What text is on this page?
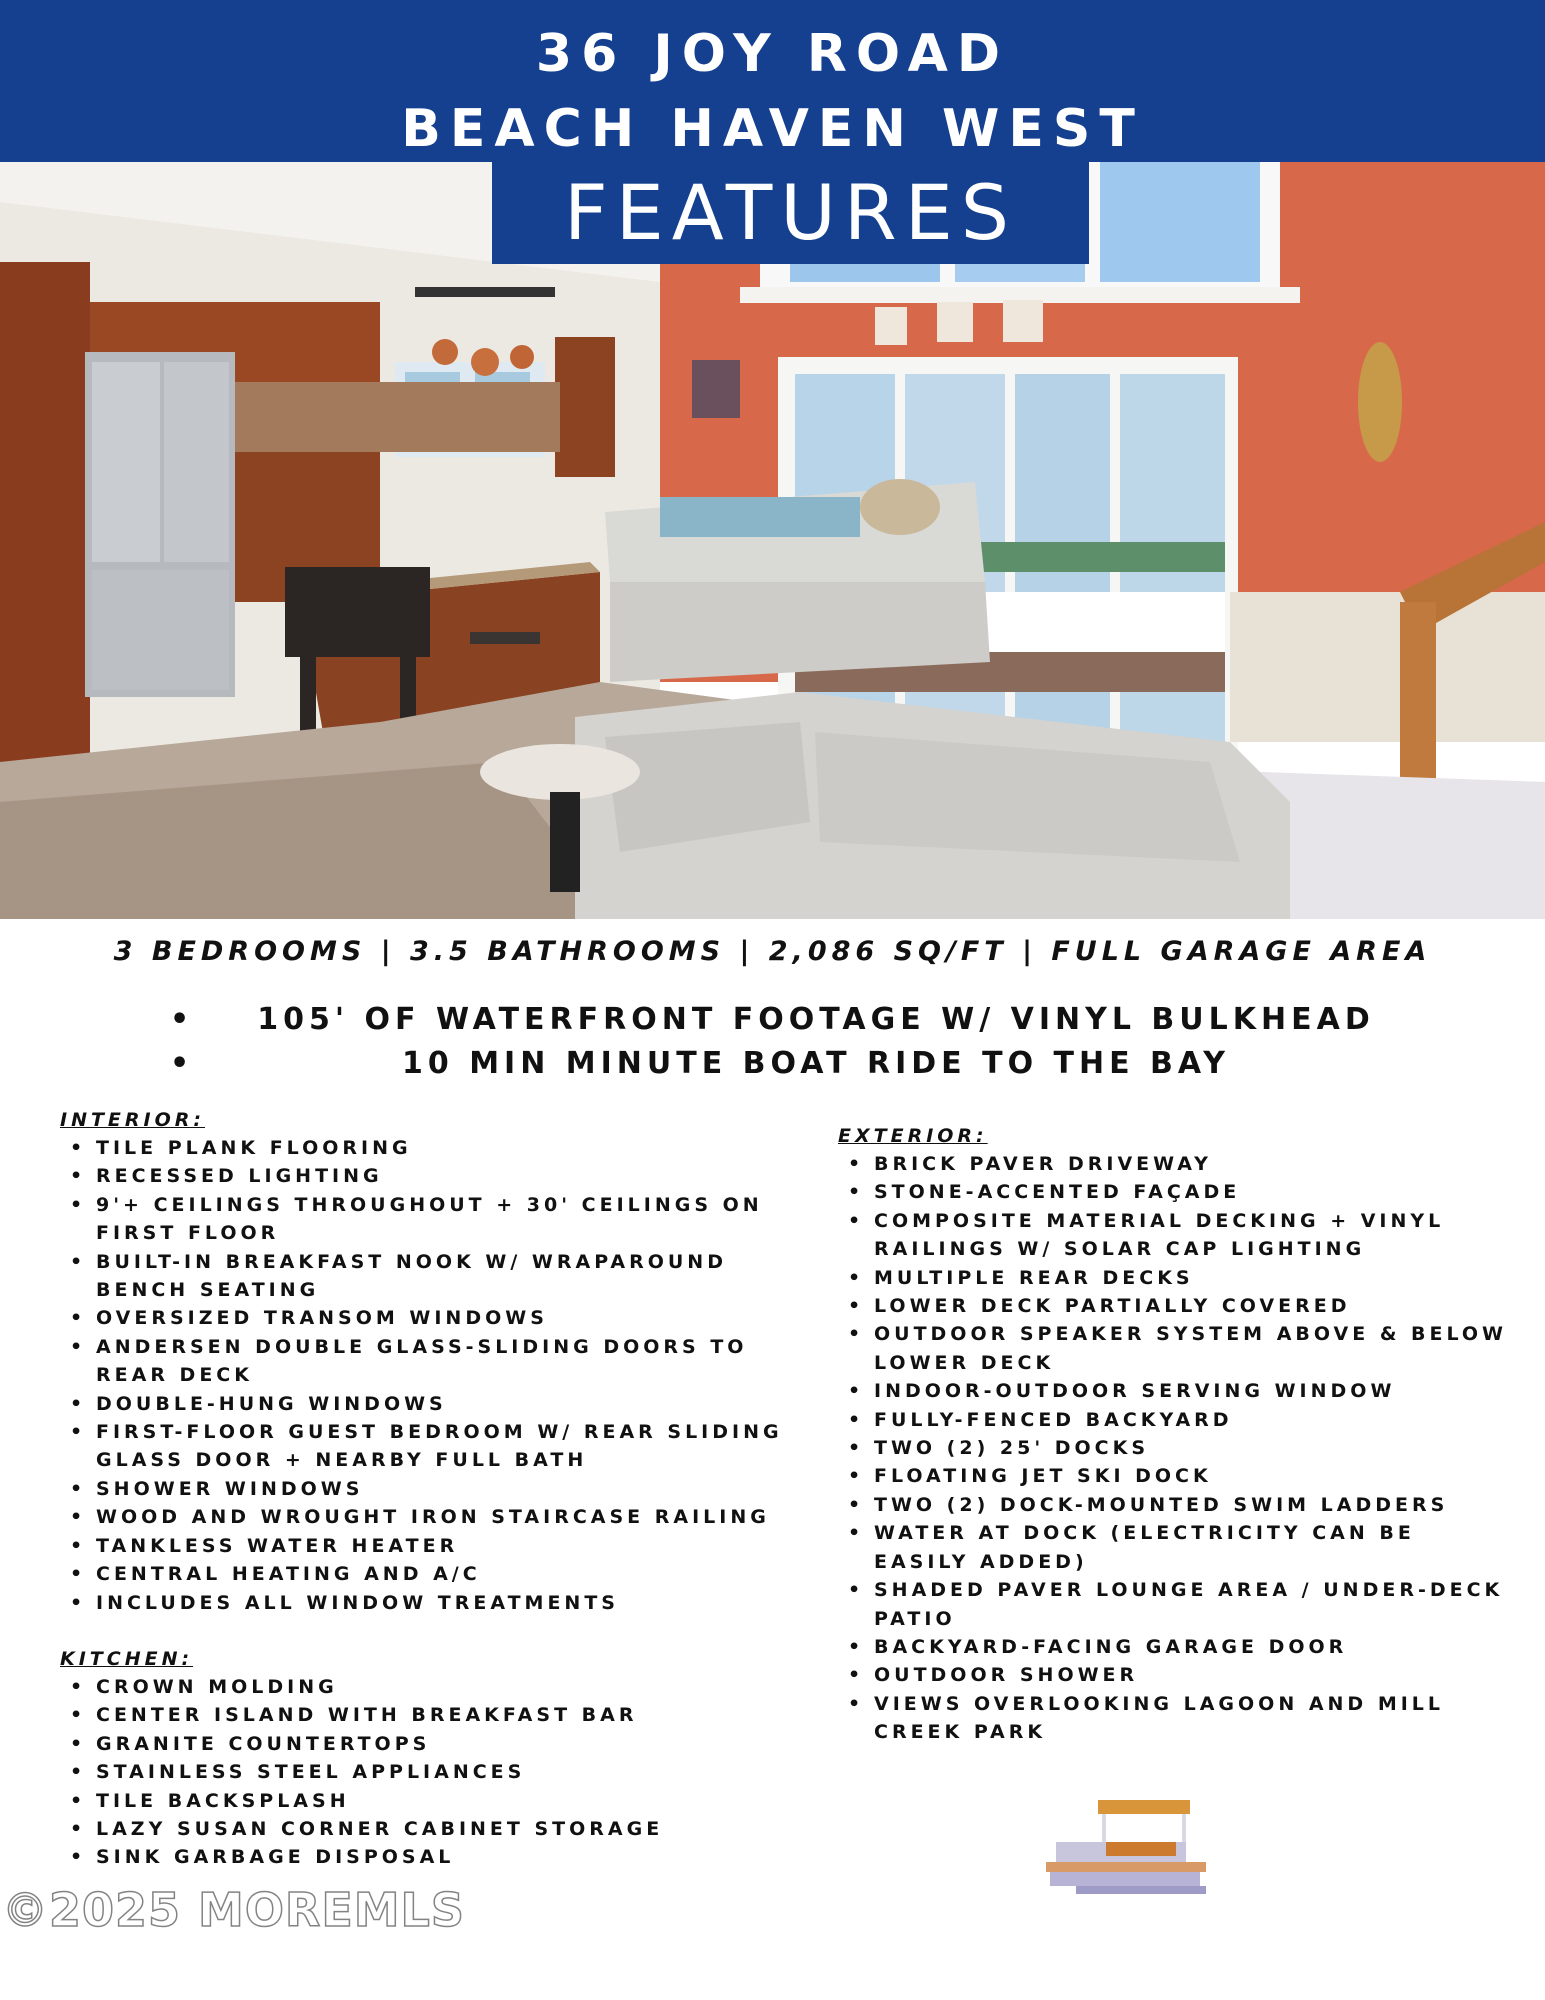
36 JOY ROAD
BEACH HAVEN WEST
FEATURES
3 BEDROOMS | 3.5 BATHROOMS | 2,086 SQ/FT | FULL GARAGE AREA
•	105' OF WATERFRONT FOOTAGE W/ VINYL BULKHEAD
•	10 MIN MINUTE BOAT RIDE TO THE BAY
INTERIOR:
• TILE PLANK FLOORING
• RECESSED LIGHTING
• 9'+ CEILINGS THROUGHOUT + 30' CEILINGS ON FIRST FLOOR
• BUILT-IN BREAKFAST NOOK W/ WRAPAROUND BENCH SEATING
• OVERSIZED TRANSOM WINDOWS
• ANDERSEN DOUBLE GLASS-SLIDING DOORS TO REAR DECK
• DOUBLE-HUNG WINDOWS
• FIRST-FLOOR GUEST BEDROOM W/ REAR SLIDING GLASS DOOR + NEARBY FULL BATH
• SHOWER WINDOWS
• WOOD AND WROUGHT IRON STAIRCASE RAILING
• TANKLESS WATER HEATER
• CENTRAL HEATING AND A/C
• INCLUDES ALL WINDOW TREATMENTS
KITCHEN:
• CROWN MOLDING
• CENTER ISLAND WITH BREAKFAST BAR
• GRANITE COUNTERTOPS
• STAINLESS STEEL APPLIANCES
• TILE BACKSPLASH
• LAZY SUSAN CORNER CABINET STORAGE
• SINK GARBAGE DISPOSAL
EXTERIOR:
• BRICK PAVER DRIVEWAY
• STONE-ACCENTED FAÇADE
• COMPOSITE MATERIAL DECKING + VINYL RAILINGS W/ SOLAR CAP LIGHTING
• MULTIPLE REAR DECKS
• LOWER DECK PARTIALLY COVERED
• OUTDOOR SPEAKER SYSTEM ABOVE & BELOW LOWER DECK
• INDOOR-OUTDOOR SERVING WINDOW
• FULLY-FENCED BACKYARD
• TWO (2) 25' DOCKS
• FLOATING JET SKI DOCK
• TWO (2) DOCK-MOUNTED SWIM LADDERS
• WATER AT DOCK (ELECTRICITY CAN BE EASILY ADDED)
• SHADED PAVER LOUNGE AREA / UNDER-DECK PATIO
• BACKYARD-FACING GARAGE DOOR
• OUTDOOR SHOWER
• VIEWS OVERLOOKING LAGOON AND MILL CREEK PARK
©2025 MOREMLS
